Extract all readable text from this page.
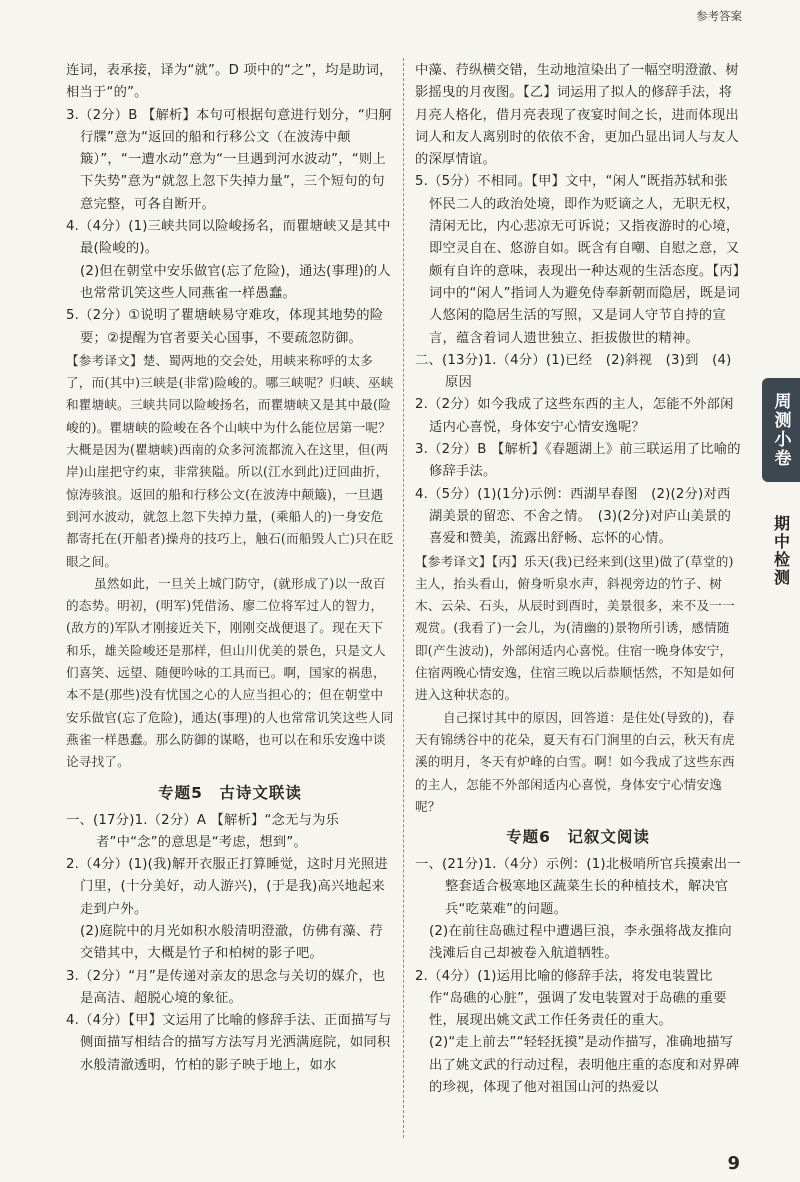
参考答案

连词，表承接，译为“就”。D 项中的“之”，均是助词，相当于“的”。

3.（2分）B 【解析】本句可根据句意进行划分，“归舸行牒”意为“返回的船和行移公文（在波涛中颠簸）”，“一遭水动”意为“一旦遇到河水波动”，“则上下失势”意为“就忽上忽下失掉力量”，三个短句的句意完整，可各自断开。

4.（4分）(1)三峡共同以险峻扬名，而瞿塘峡又是其中最(险峻的)。

(2)但在朝堂中安乐做官(忘了危险)，通达(事理)的人也常常讥笑这些人同燕雀一样愚蠢。

5.（2分）①说明了瞿塘峡易守难攻，体现其地势的险要；②提醒为官者要关心国事，不要疏忽防御。

【参考译文】楚、蜀两地的交会处，用峡来称呼的太多了，而(其中)三峡是(非常)险峻的。哪三峡呢？归峡、巫峡和瞿塘峡。三峡共同以险峻扬名，而瞿塘峡又是其中最(险峻的)。瞿塘峡的险峻在各个山峡中为什么能位居第一呢？大概是因为(瞿塘峡)西南的众多河流都流入在这里，但(两岸)山崖把守约束，非常狭隘。所以(江水到此)迂回曲折，惊涛骇浪。返回的船和行移公文(在波涛中颠簸)，一旦遇到河水波动，就忽上忽下失掉力量，(乘船人的)一身安危都寄托在(开船者)操舟的技巧上，触石(而船毁人亡)只在眨眼之间。

虽然如此，一旦关上城门防守，(就形成了)以一敌百的态势。明初，(明军)凭借汤、廖二位将军过人的智力，(敌方的)军队才刚接近关下，刚刚交战便退了。现在天下和乐，雄关险峻还是那样，但山川优美的景色，只是文人们喜笑、远望、随便吟咏的工具而已。啊，国家的祸患，本不是(那些)没有忧国之心的人应当担心的；但在朝堂中安乐做官(忘了危险)，通达(事理)的人也常常讥笑这些人同燕雀一样愚蠢。那么防御的谋略，也可以在和乐安逸中谈论寻找了。

专题5　古诗文联读

一、(17分)1.（2分）A 【解析】“念无与为乐者”中“念”的意思是“考虑，想到”。

2.（4分）(1)(我)解开衣服正打算睡觉，这时月光照进门里，(十分美好，动人游兴)，(于是我)高兴地起来走到户外。

(2)庭院中的月光如积水般清明澄澈，仿佛有藻、荇交错其中，大概是竹子和柏树的影子吧。

3.（2分）“月”是传递对亲友的思念与关切的媒介，也是高洁、超脱心境的象征。

4.（4分）【甲】文运用了比喻的修辞手法、正面描写与侧面描写相结合的描写方法写月光洒满庭院，如同积水般清澈透明，竹柏的影子映于地上，如水

中藻、荇纵横交错，生动地渲染出了一幅空明澄澈、树影摇曳的月夜图。【乙】词运用了拟人的修辞手法，将月亮人格化，借月亮表现了夜宴时间之长，进而体现出词人和友人离别时的依依不舍，更加凸显出词人与友人的深厚情谊。

5.（5分）不相同。【甲】文中，“闲人”既指苏轼和张怀民二人的政治处境，即作为贬谪之人，无职无权，清闲无比，内心悲凉无可诉说；又指夜游时的心境，即空灵自在、悠游自如。既含有自嘲、自慰之意，又颇有自许的意味，表现出一种达观的生活态度。【丙】词中的“闲人”指词人为避免侍奉新朝而隐居，既是词人悠闲的隐居生活的写照，又是词人守节自持的宣言，蕴含着词人遗世独立、拒拔傲世的精神。

二、(13分)1.（4分）(1)已经　(2)斜视　(3)到　(4)原因

2.（2分）如今我成了这些东西的主人，怎能不外部闲适内心喜悦，身体安宁心情安逸呢？

3.（2分）B 【解析】《春题湖上》前三联运用了比喻的修辞手法。

4.（5分）(1)(1分)示例：西湖早春图　(2)(2分)对西湖美景的留恋、不舍之情。　(3)(2分)对庐山美景的喜爱和赞美，流露出舒畅、忘怀的心情。

【参考译文】【丙】乐天(我)已经来到(这里)做了(草堂的)主人，抬头看山，俯身听泉水声，斜视旁边的竹子、树木、云朵、石头，从辰时到酉时，美景很多，来不及一一观赏。(我看了)一会儿，为(清幽的)景物所引诱，感情随即(产生波动)，外部闲适内心喜悦。住宿一晚身体安宁，住宿两晚心情安逸，住宿三晚以后恭顺恬然，不知是如何进入这种状态的。

自己探讨其中的原因，回答道：是住处(导致的)，春天有锦绣谷中的花朵，夏天有石门涧里的白云，秋天有虎溪的明月，冬天有炉峰的白雪。啊！如今我成了这些东西的主人，怎能不外部闲适内心喜悦，身体安宁心情安逸呢？

专题6　记叙文阅读

一、(21分)1.（4分）示例：(1)北极哨所官兵摸索出一整套适合极寒地区蔬菜生长的种植技术，解决官兵“吃菜难”的问题。

(2)在前往岛礁过程中遭遇巨浪，李永强将战友推向浅滩后自己却被卷入航道牺牲。

2.（4分）(1)运用比喻的修辞手法，将发电装置比作“岛礁的心脏”，强调了发电装置对于岛礁的重要性，展现出姚文武工作任务责任的重大。

(2)“走上前去”“轻轻抚摸”是动作描写，准确地描写出了姚文武的行动过程，表明他庄重的态度和对界碑的珍视，体现了他对祖国山河的热爱以

周测小卷
期中检测
9
